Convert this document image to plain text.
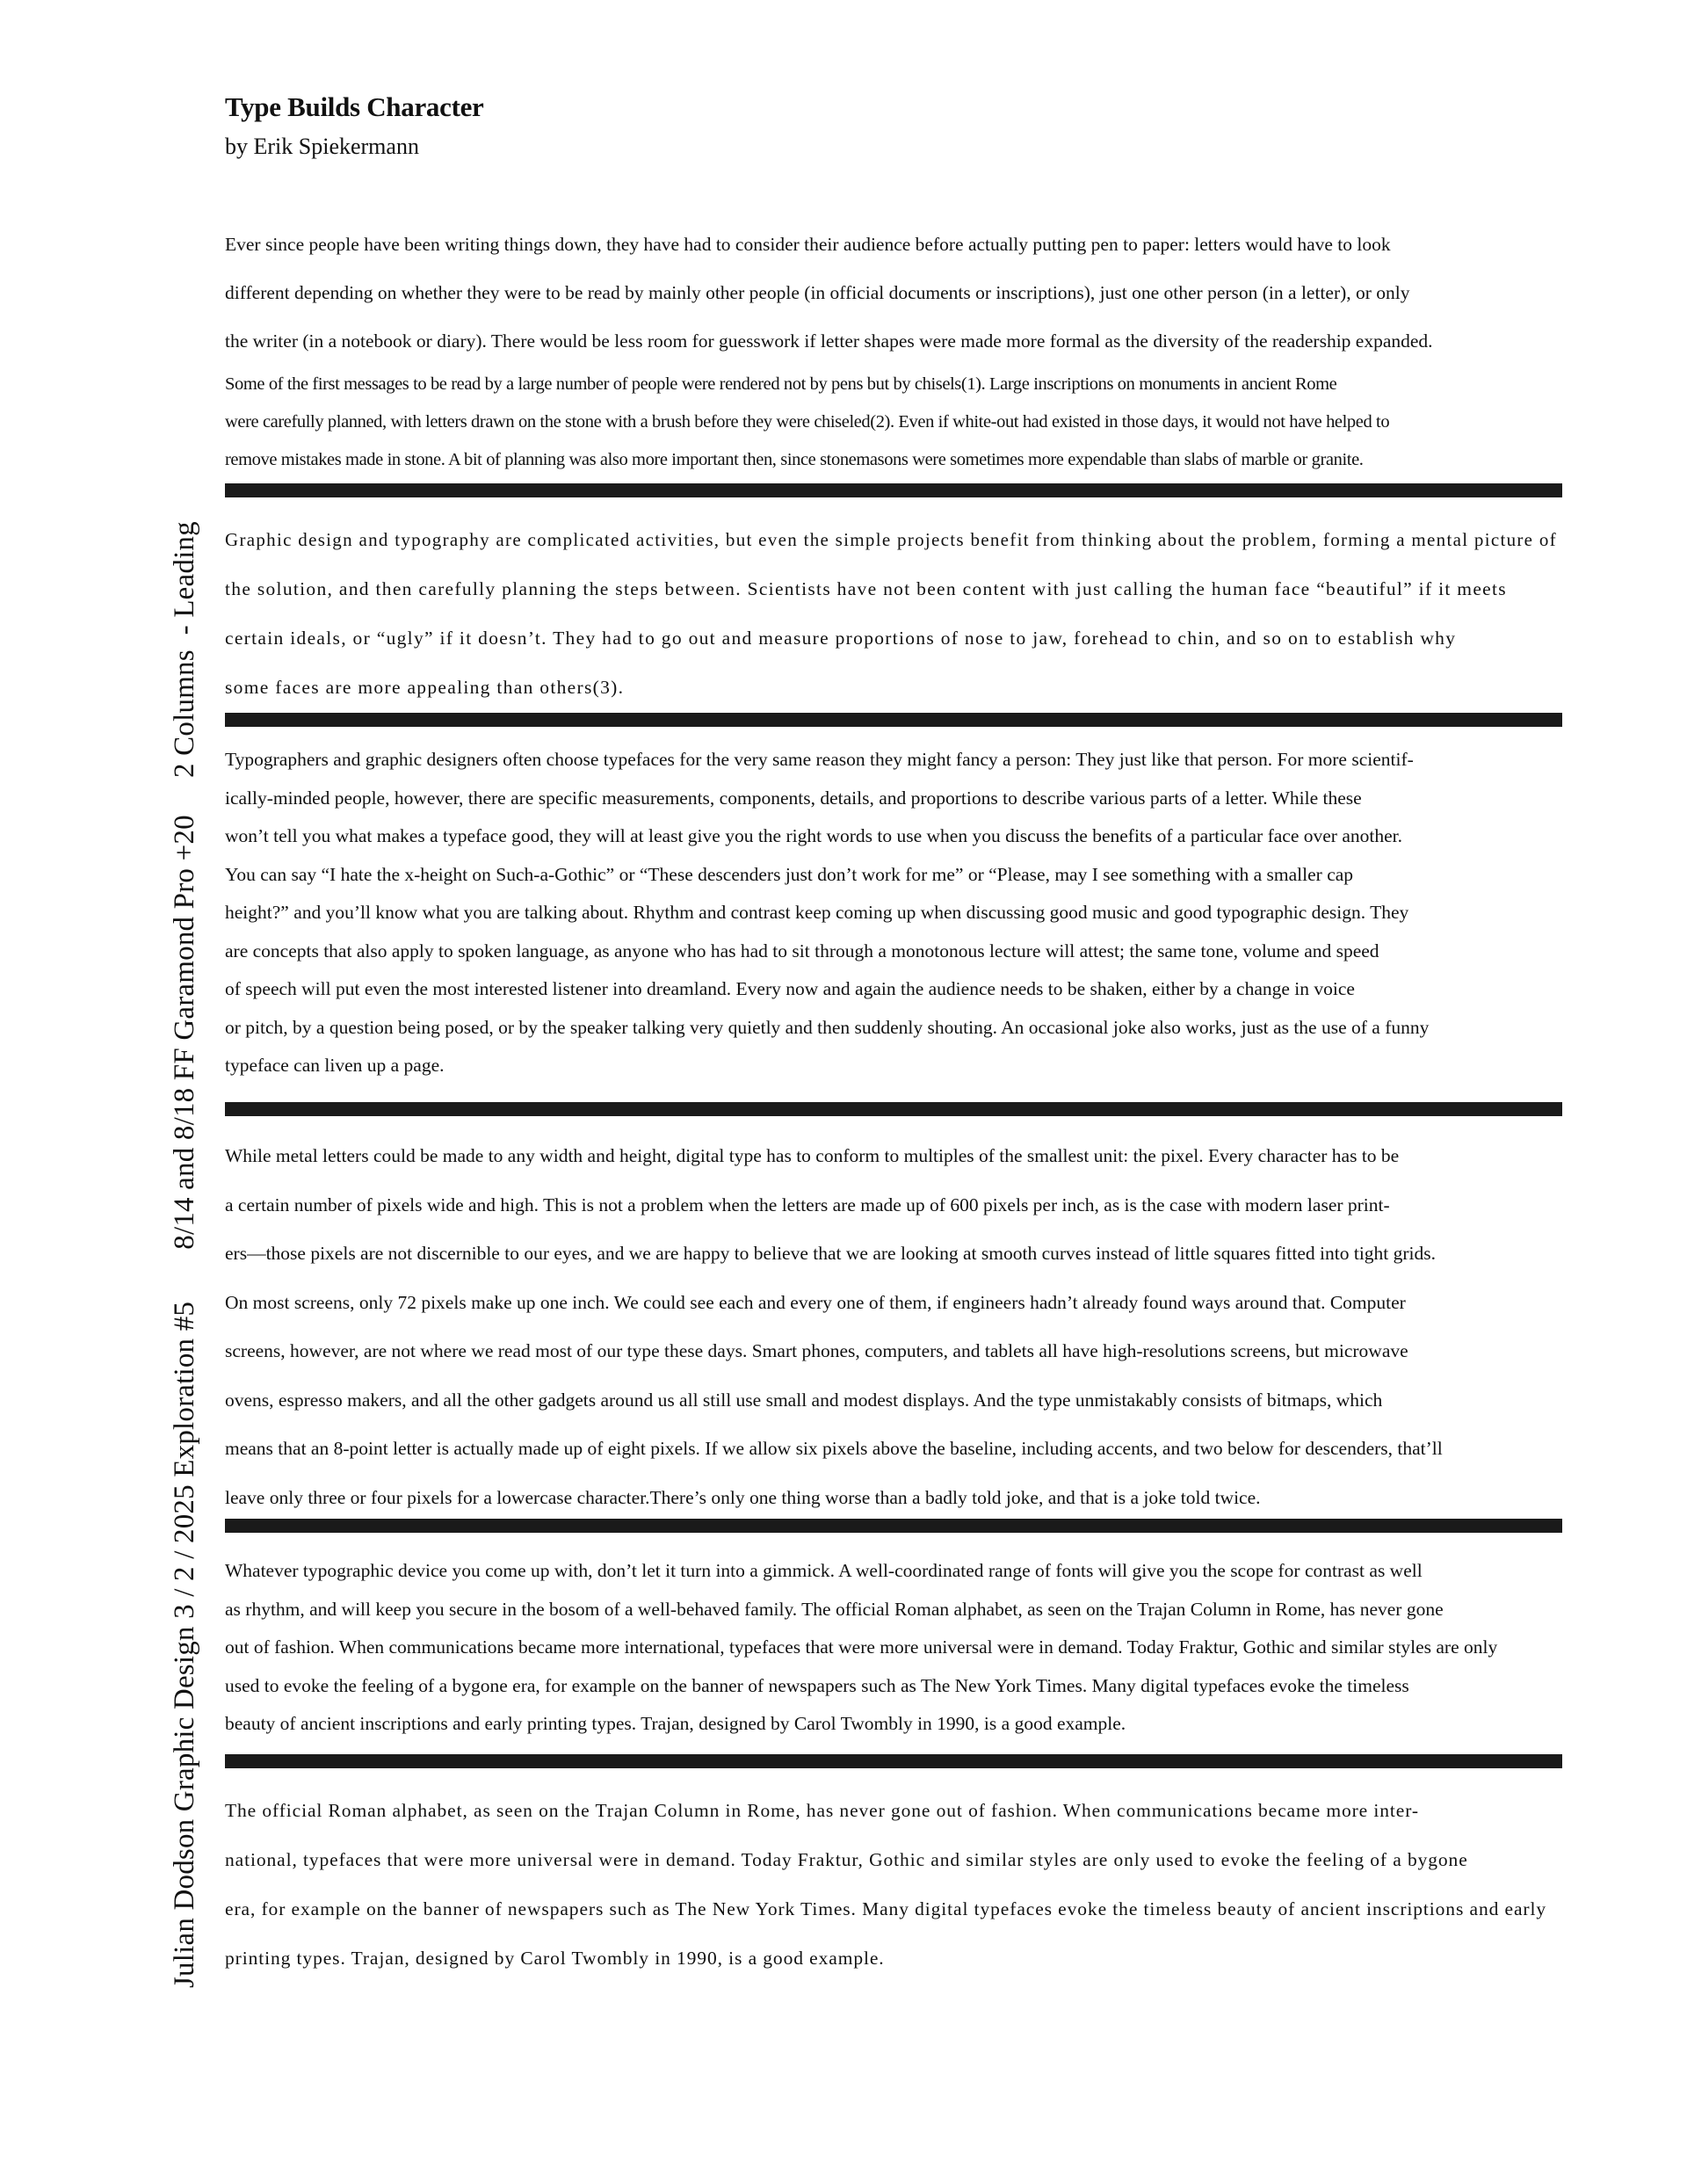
Type Builds Character

by Erik Spiekermann

Julian Dodson Graphic Design 3 / 2 / 2025 Exploration #5       8/14 and 8/18 FF Garamond Pro +20     2 Columns  - Leading
Ever since people have been writing things down, they have had to consider their audience before actually putting pen to paper: letters would have to look
different depending on whether they were to be read by mainly other people (in official documents or inscriptions), just one other person (in a letter), or only
the writer (in a notebook or diary). There would be less room for guesswork if letter shapes were made more formal as the diversity of the readership expanded.
Some of the first messages to be read by a large number of people were rendered not by pens but by chisels(1). Large inscriptions on monuments in ancient Rome
were carefully planned, with letters drawn on the stone with a brush before they were chiseled(2). Even if white-out had existed in those days, it would not have helped to
remove mistakes made in stone. A bit of planning was also more important then, since stonemasons were sometimes more expendable than slabs of marble or granite.
Graphic design and typography are complicated activities, but even the simple projects benefit from thinking about the problem, forming a mental picture of
the solution, and then carefully planning the steps between. Scientists have not been content with just calling the human face “beautiful” if it meets
certain ideals, or “ugly” if it doesn’t. They had to go out and measure proportions of nose to jaw, forehead to chin, and so on to establish why
some faces are more appealing than others(3).
Typographers and graphic designers often choose typefaces for the very same reason they might fancy a person: They just like that person. For more scientif-
ically-minded people, however, there are specific measurements, components, details, and proportions to describe various parts of a letter. While these
won’t tell you what makes a typeface good, they will at least give you the right words to use when you discuss the benefits of a particular face over another.
You can say “I hate the x-height on Such-a-Gothic” or “These descenders just don’t work for me” or “Please, may I see something with a smaller cap
height?” and you’ll know what you are talking about. Rhythm and contrast keep coming up when discussing good music and good typographic design. They
are concepts that also apply to spoken language, as anyone who has had to sit through a monotonous lecture will attest; the same tone, volume and speed
of speech will put even the most interested listener into dreamland. Every now and again the audience needs to be shaken, either by a change in voice
or pitch, by a question being posed, or by the speaker talking very quietly and then suddenly shouting. An occasional joke also works, just as the use of a funny
typeface can liven up a page.
While metal letters could be made to any width and height, digital type has to conform to multiples of the smallest unit: the pixel. Every character has to be
a certain number of pixels wide and high. This is not a problem when the letters are made up of 600 pixels per inch, as is the case with modern laser print-
ers—those pixels are not discernible to our eyes, and we are happy to believe that we are looking at smooth curves instead of little squares fitted into tight grids.
On most screens, only 72 pixels make up one inch. We could see each and every one of them, if engineers hadn’t already found ways around that. Computer
screens, however, are not where we read most of our type these days. Smart phones, computers, and tablets all have high-resolutions screens, but microwave
ovens, espresso makers, and all the other gadgets around us all still use small and modest displays. And the type unmistakably consists of bitmaps, which
means that an 8-point letter is actually made up of eight pixels. If we allow six pixels above the baseline, including accents, and two below for descenders, that’ll
leave only three or four pixels for a lowercase character.There’s only one thing worse than a badly told joke, and that is a joke told twice.
Whatever typographic device you come up with, don’t let it turn into a gimmick. A well-coordinated range of fonts will give you the scope for contrast as well
as rhythm, and will keep you secure in the bosom of a well-behaved family. The official Roman alphabet, as seen on the Trajan Column in Rome, has never gone
out of fashion. When communications became more international, typefaces that were more universal were in demand. Today Fraktur, Gothic and similar styles are only
used to evoke the feeling of a bygone era, for example on the banner of newspapers such as The New York Times. Many digital typefaces evoke the timeless
beauty of ancient inscriptions and early printing types. Trajan, designed by Carol Twombly in 1990, is a good example.
The official Roman alphabet, as seen on the Trajan Column in Rome, has never gone out of fashion. When communications became more inter-
national, typefaces that were more universal were in demand. Today Fraktur, Gothic and similar styles are only used to evoke the feeling of a bygone
era, for example on the banner of newspapers such as The New York Times. Many digital typefaces evoke the timeless beauty of ancient inscriptions and early
printing types. Trajan, designed by Carol Twombly in 1990, is a good example.
